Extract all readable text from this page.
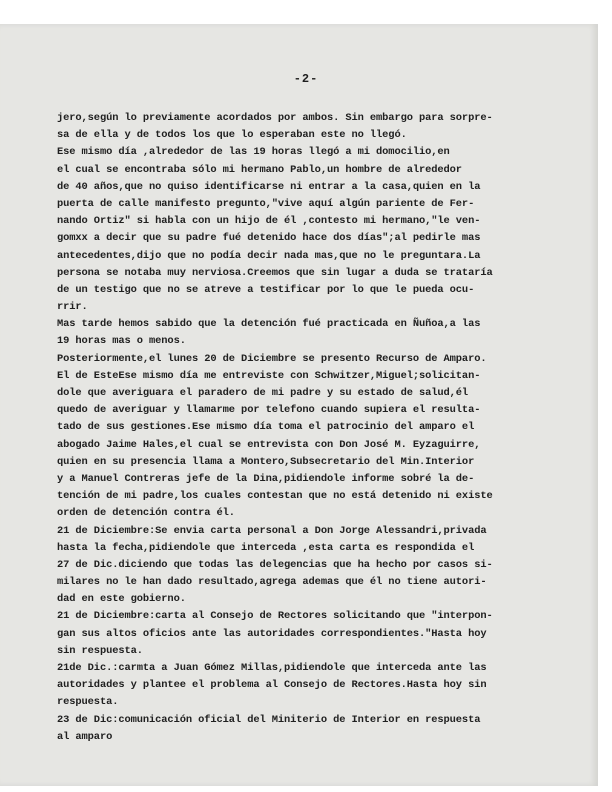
-2-
jero,según lo previamente acordados por ambos. Sin embargo para sorpre-
sa de ella y de todos los que lo esperaban este no llegó.
Ese mismo día ,alrededor de las 19 horas llegó a mi domocilio,en
el cual se encontraba sólo mi hermano Pablo,un hombre de alrededor
de 40 años,que no quiso identificarse ni entrar a la casa,quien en la
puerta de calle manifesto pregunto,"vive aquí algún pariente de Fer-
nando Ortiz" si habla con un hijo de él ,contesto mi hermano,"le ven-
gomxx a decir que su padre fué detenido hace dos días";al pedirle mas
antecedentes,dijo que no podía decir nada mas,que no le preguntara.La
persona se notaba muy nerviosa.Creemos que sin lugar a duda se trataría
de un testigo que no se atreve a testificar por lo que le pueda ocu-
rrir.
Mas tarde hemos sabido que la detención fué practicada en Ñuñoa,a las
19 horas mas o menos.
Posteriormente,el lunes 20 de Diciembre se presento Recurso de Amparo.
El de EsteEse mismo día me entreviste con Schwitzer,Miguel;solicitan-
dole que averiguara el paradero de mi padre y su estado de salud,él
quedo de averiguar y llamarme por telefono cuando supiera el resulta-
tado de sus gestiones.Ese mismo día toma el patrocinio del amparo el
abogado Jaime Hales,el cual se entrevista con Don José M. Eyzaguirre,
quien en su presencia llama a Montero,Subsecretario del Min.Interior
y a Manuel Contreras jefe de la Dina,pidiendole informe sobré la de-
tención de mi padre,los cuales contestan que no está detenido ni existe
orden de detención contra él.
21 de Diciembre:Se envia carta personal a Don Jorge Alessandri,privada
hasta la fecha,pidiendole que interceda ,esta carta es respondida el
27 de Dic.diciendo que todas las delegencias que ha hecho por casos si-
milares no le han dado resultado,agrega ademas que él no tiene autori-
dad en este gobierno.
21 de Diciembre:carta al Consejo de Rectores solicitando que "interpon-
gan sus altos oficios ante las autoridades correspondientes."Hasta hoy
sin respuesta.
21de Dic.:carmta a Juan Gómez Millas,pidiendole que interceda ante las
autoridades y plantee el problema al Consejo de Rectores.Hasta hoy sin
respuesta.
23 de Dic:comunicación oficial del Miniterio de Interior en respuesta
al amparo
